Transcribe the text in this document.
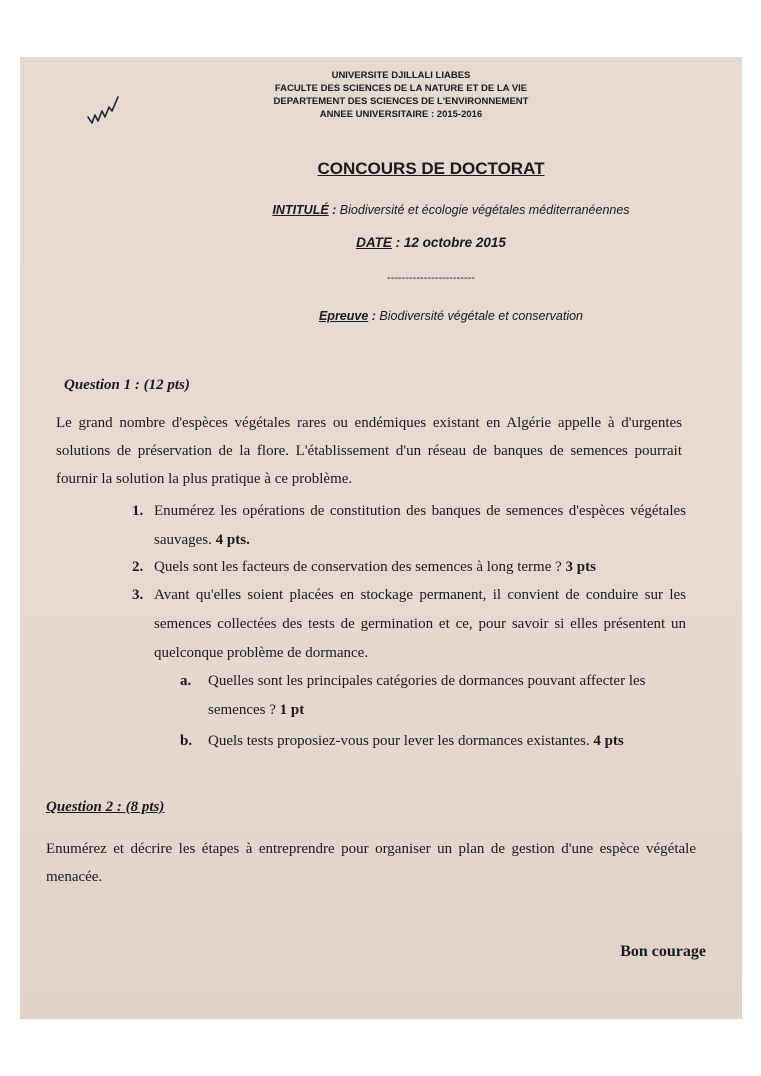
UNIVERSITE DJILLALI LIABES
FACULTE DES SCIENCES DE LA NATURE ET DE LA VIE
DEPARTEMENT DES SCIENCES DE L'ENVIRONNEMENT
ANNEE UNIVERSITAIRE : 2015-2016
CONCOURS DE DOCTORAT
INTITULÉ : Biodiversité et écologie végétales méditerranéennes
DATE : 12 octobre 2015
------------------------
Epreuve : Biodiversité végétale et conservation
Question 1 : (12 pts)
Le grand nombre d'espèces végétales rares ou endémiques existant en Algérie appelle à d'urgentes solutions de préservation de la flore. L'établissement d'un réseau de banques de semences pourrait fournir la solution la plus pratique à ce problème.
1. Enumérez les opérations de constitution des banques de semences d'espèces végétales sauvages. 4 pts.
2. Quels sont les facteurs de conservation des semences à long terme ? 3 pts
3. Avant qu'elles soient placées en stockage permanent, il convient de conduire sur les semences collectées des tests de germination et ce, pour savoir si elles présentent un quelconque problème de dormance.
a. Quelles sont les principales catégories de dormances pouvant affecter les semences ? 1 pt
b. Quels tests proposiez-vous pour lever les dormances existantes. 4 pts
Question 2 : (8 pts)
Enumérez et décrire les étapes à entreprendre pour organiser un plan de gestion d'une espèce végétale menacée.
Bon courage
